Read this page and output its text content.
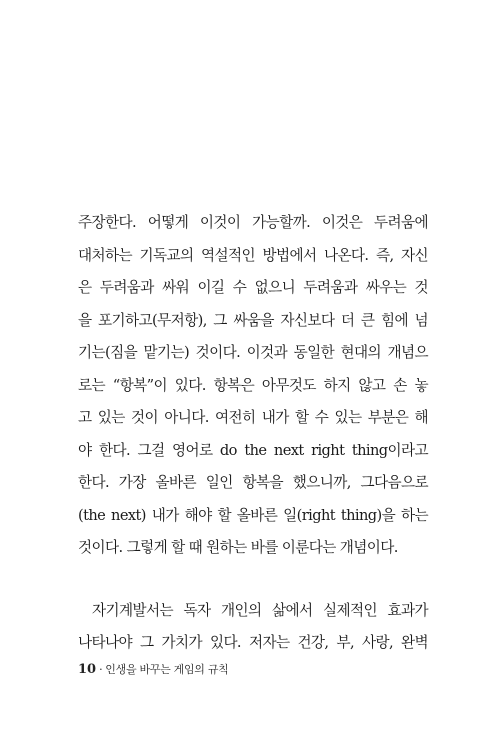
주장한다. 어떻게 이것이 가능할까. 이것은 두려움에
대처하는 기독교의 역설적인 방법에서 나온다. 즉, 자신
은 두려움과 싸워 이길 수 없으니 두려움과 싸우는 것
을 포기하고(무저항), 그 싸움을 자신보다 더 큰 힘에 넘
기는(짐을 맡기는) 것이다. 이것과 동일한 현대의 개념으
로는 “항복”이 있다. 항복은 아무것도 하지 않고 손 놓
고 있는 것이 아니다. 여전히 내가 할 수 있는 부분은 해
야 한다. 그걸 영어로 do the next right thing이라고
한다. 가장 올바른 일인 항복을 했으니까, 그다음으로
(the next) 내가 해야 할 올바른 일(right thing)을 하는
것이다. 그렇게 할 때 원하는 바를 이룬다는 개념이다.
자기계발서는 독자 개인의 삶에서 실제적인 효과가
나타나야 그 가치가 있다. 저자는 건강, 부, 사랑, 완벽
10 · 인생을 바꾸는 게임의 규칙
